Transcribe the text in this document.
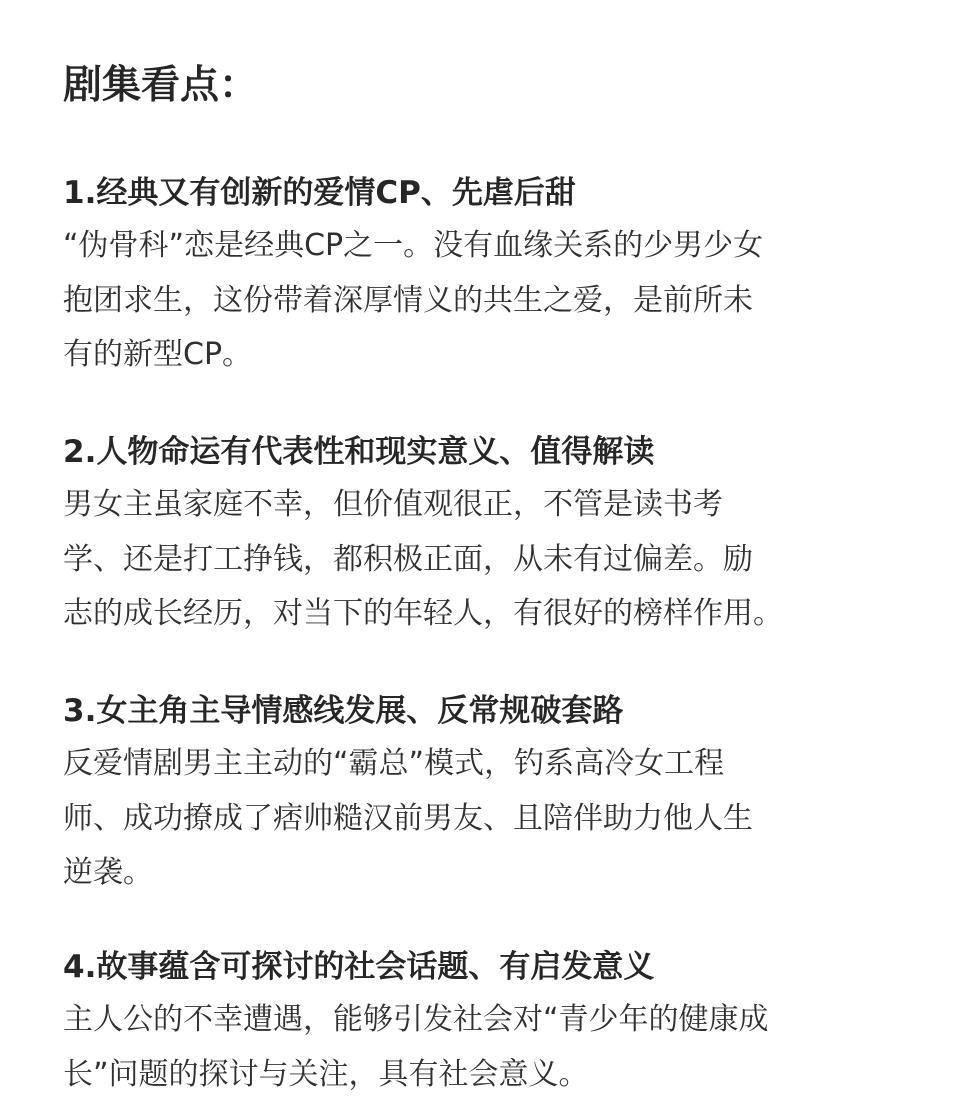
剧集看点：

1.经典又有创新的爱情CP、先虐后甜

“伪骨科”恋是经典CP之一。没有血缘关系的少男少女

抱团求生，这份带着深厚情义的共生之爱，是前所未

有的新型CP。

2.人物命运有代表性和现实意义、值得解读

男女主虽家庭不幸，但价值观很正，不管是读书考

学、还是打工挣钱，都积极正面，从未有过偏差。励

志的成长经历，对当下的年轻人，有很好的榜样作用。

3.女主角主导情感线发展、反常规破套路

反爱情剧男主主动的“霸总”模式，钓系高冷女工程

师、成功撩成了痞帅糙汉前男友、且陪伴助力他人生

逆袭。

4.故事蕴含可探讨的社会话题、有启发意义

主人公的不幸遭遇，能够引发社会对“青少年的健康成

长”问题的探讨与关注，具有社会意义。
